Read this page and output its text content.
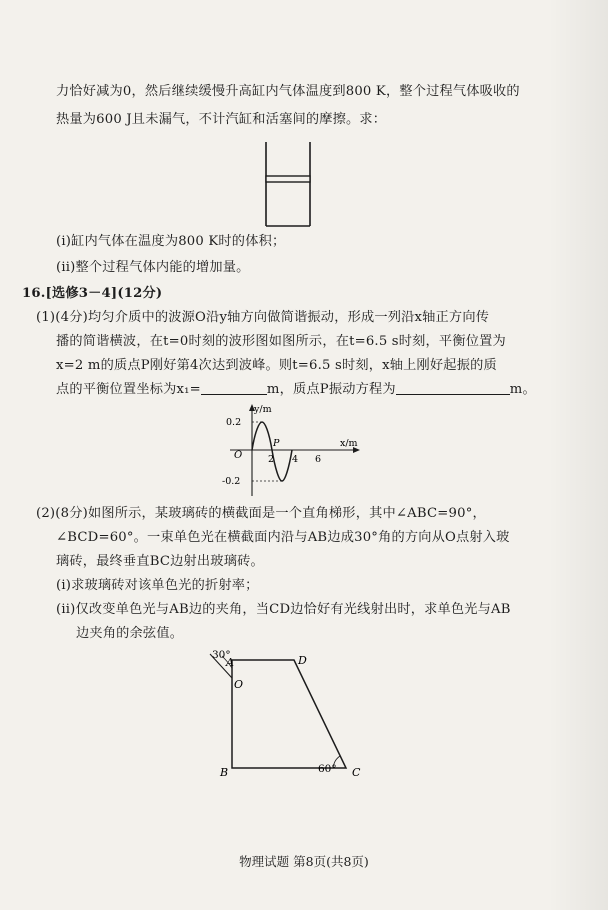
力恰好减为0，然后继续缓慢升高缸内气体温度到800 K，整个过程气体吸收的
热量为600 J且未漏气，不计汽缸和活塞间的摩擦。求：
(i)缸内气体在温度为800 K时的体积；
(ii)整个过程气体内能的增加量。
16.[选修3－4](12分)
(1)(4分)均匀介质中的波源O沿y轴方向做简谐振动，形成一列沿x轴正方向传
播的简谐横波，在t=0时刻的波形图如图所示，在t=6.5 s时刻，平衡位置为
x=2 m的质点P刚好第4次达到波峰。则t=6.5 s时刻，x轴上刚好起振的质
点的平衡位置坐标为x₁=	m，质点P振动方程为	m。
y/m
x/m
O
0.2
-0.2
2 4 6
P
(2)(8分)如图所示，某玻璃砖的横截面是一个直角梯形，其中∠ABC=90°，
∠BCD=60°。一束单色光在横截面内沿与AB边成30°角的方向从O点射入玻
璃砖，最终垂直BC边射出玻璃砖。
(i)求玻璃砖对该单色光的折射率；
(ii)仅改变单色光与AB边的夹角，当CD边恰好有光线射出时，求单色光与AB
边夹角的余弦值。
30°
A	D
O
B	C
60°
物理试题 第8页(共8页)
